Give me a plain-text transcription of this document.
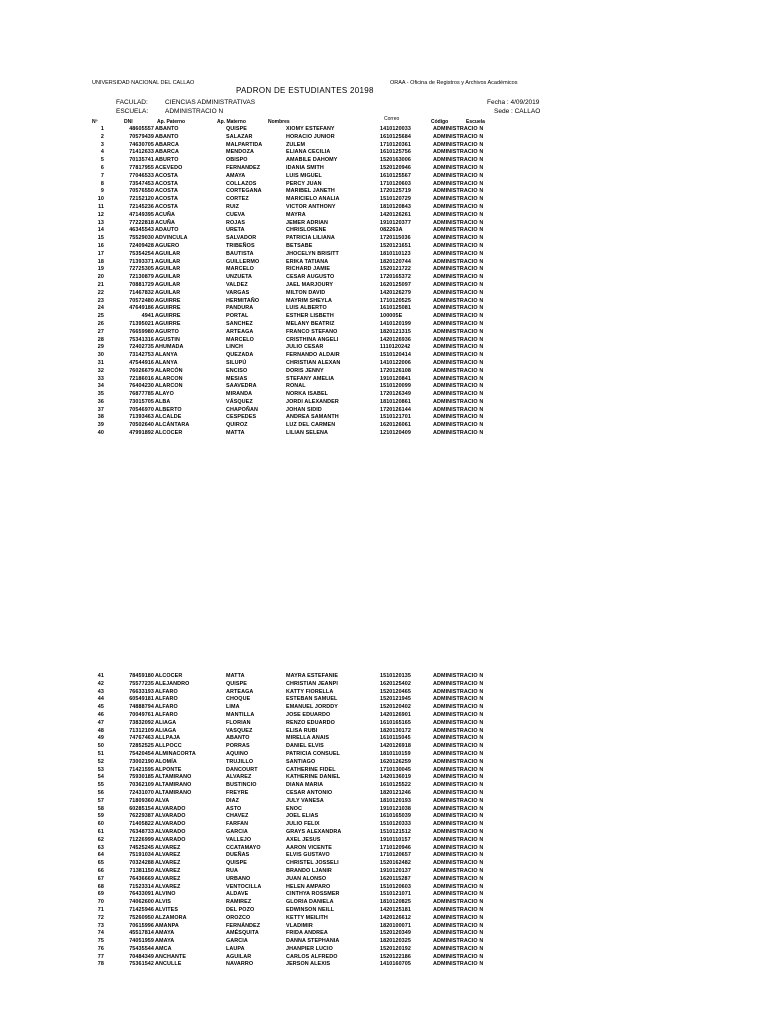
UNIVERSIDAD NACIONAL DEL CALLAO	ORAA - Oficina de Registros y Archivos Académicos
PADRON DE ESTUDIANTES 20198
FACULAD:	CIENCIAS ADMINISTRATIVAS
ESCUELA:	ADMINISTRACIO N
Fecha : 4/09/2019
Sede : CALLAO
Nº	DNI	Ap. Paterno	Ap. Materno	Nombres	Correo	Código	Escuela
1	48605557 ABANTO	QUISPE	XIOMY ESTEFANY	1410120033	ADMINISTRACIO N
2	70579439 ABANTO	SALAZAR	HORACIO JUNIOR	1610125684	ADMINISTRACIO N
3	74630705 ABARCA	MALPARTIDA	ZULEM	1710120361	ADMINISTRACIO N
4	71412633 ABARCA	MENDOZA	ELIANA CECILIA	1610125756	ADMINISTRACIO N
5	70135741 ABURTO	OBISPO	AMABILE DAHOMY	1520163006	ADMINISTRACIO N
6	77817955 ACEVEDO	FERNANDEZ	IDANIA SMITH	1520120946	ADMINISTRACIO N
7	77046533 ACOSTA	AMAYA	LUIS MIGUEL	1610125567	ADMINISTRACIO N
8	73547453 ACOSTA	COLLAZOS	PERCY JUAN	1710120603	ADMINISTRACIO N
9	70576550 ACOSTA	CORTEGANA	MARIBEL JANETH	1720125719	ADMINISTRACIO N
10	72152120 ACOSTA	CORTEZ	MARICIELO ANALIA	1510120729	ADMINISTRACIO N
11	72145236 ACOSTA	RUIZ	VICTOR ANTHONY	1810120843	ADMINISTRACIO N
12	47149395 ACUÑA	CUEVA	MAYRA	1420126261	ADMINISTRACIO N
13	77222818 ACUÑA	ROJAS	JEMER ADRIAN	1910120377	ADMINISTRACIO N
14	46345543 ADAUTO	URETA	CHRISLORENE	082263A	ADMINISTRACIO N
15	75529030 ADVINCULA	SALVADOR	PATRICIA LILIANA	1720115036	ADMINISTRACIO N
16	72409428 AGUERO	TRIBEÑOS	BETSABE	1520121651	ADMINISTRACIO N
17	75354254 AGUILAR	BAUTISTA	JHOCELYN BRISITT	1810110123	ADMINISTRACIO N
18	71393371 AGUILAR	GUILLERMO	ERIKA TATIANA	1820120744	ADMINISTRACIO N
19	72725305 AGUILAR	MARCELO	RICHARD JAMIE	1520121722	ADMINISTRACIO N
20	72130879 AGUILAR	UNZUETA	CESAR AUGUSTO	1720165372	ADMINISTRACIO N
21	70881729 AGUILAR	VALDEZ	JAEL MARJOURY	1620125097	ADMINISTRACIO N
22	71467832 AGUILAR	VARGAS	MILTON DAVID	1420126279	ADMINISTRACIO N
23	70572480 AGUIRRE	HERMITAÑO	MAYRIM SHEYLA	1710120525	ADMINISTRACIO N
24	47649186 AGUIRRE	PANDURA	LUIS ALBERTO	1610125081	ADMINISTRACIO N
25	4941 AGUIRRE	PORTAL	ESTHER LISBETH	100005E	ADMINISTRACIO N
26	71395021 AGUIRRE	SANCHEZ	MELANY BEATRIZ	1410120199	ADMINISTRACIO N
27	76659980 AGURTO	ARTEAGA	FRANCO STEFANO	1820121315	ADMINISTRACIO N
28	75341316 AGUSTIN	MARCELO	CRISTHINA ANGELI	1420126936	ADMINISTRACIO N
29	72402735 AHUMADA	LINCH	JULIO CESAR	1110120242	ADMINISTRACIO N
30	73142753 ALANYA	QUEZADA	FERNANDO ALDAIR	1510120414	ADMINISTRACIO N
31	47544916 ALANYA	SILUPÚ	CHRISTIAN ALEXAN	1410122006	ADMINISTRACIO N
32	76026679 ALARCÓN	ENCISO	DORIS JENNY	1720126108	ADMINISTRACIO N
33	72186016 ALARCON	MESIAS	STEFANY AMELIA	1910120841	ADMINISTRACIO N
34	76404230 ALARCON	SAAVEDRA	RONAL	1510120099	ADMINISTRACIO N
35	76877785 ALAYO	MIRANDA	NORKA ISABEL	1720126349	ADMINISTRACIO N
36	73015705 ALBA	VÁSQUEZ	JORDI ALEXANDER	1810120861	ADMINISTRACIO N
37	70546970 ALBERTO	CHAPOÑAN	JOHAN SIDID	1720126144	ADMINISTRACIO N
38	71393463 ALCALDE	CESPEDES	ANDREA SAMANTH	1510121701	ADMINISTRACIO N
39	70502640 ALCÁNTARA	QUIROZ	LUZ DEL CARMEN	1620126061	ADMINISTRACIO N
40	47991892 ALCOCER	MATTA	LILIAN SELENA	1210120409	ADMINISTRACIO N
41	78459180 ALCOCER	MATTA	MAYRA ESTEFANIE	1510120135	ADMINISTRACIO N
42	75577235 ALEJANDRO	QUISPE	CHRISTIAN JEANPI	1620125402	ADMINISTRACIO N
43	76633193 ALFARO	ARTEAGA	KATTY FIORELLA	1520120465	ADMINISTRACIO N
44	60549181 ALFARO	CHOQUE	ESTEBAN SAMUEL	1520121945	ADMINISTRACIO N
45	74888794 ALFARO	LIMA	EMANUEL JORDDY	1520120402	ADMINISTRACIO N
46	70049761 ALFARO	MANTILLA	JOSE EDUARDO	1420126901	ADMINISTRACIO N
47	73832092 ALIAGA	FLORIAN	RENZO EDUARDO	1610165165	ADMINISTRACIO N
48	71312109 ALIAGA	VASQUEZ	ELISA RUBI	1820130172	ADMINISTRACIO N
49	74767463 ALLPAJA	ABANTO	MIRELLA ANAIS	1610115045	ADMINISTRACIO N
50	72852525 ALLPOCC	PORRAS	DANIEL ELVIS	1420126918	ADMINISTRACIO N
51	75420454 ALMINACORTA	AQUINO	PATRICIA CONSUEL	1810110159	ADMINISTRACIO N
52	73002190 ALOMÍA	TRUJILLO	SANTIAGO	1620126259	ADMINISTRACIO N
53	71421595 ALPONTE	DANCOURT	CATHERINE FIDEL	1710130045	ADMINISTRACIO N
54	75930185 ALTAMIRANO	ALVAREZ	KATHERINE DANIEL	1420136019	ADMINISTRACIO N
55	70362109 ALTAMIRANO	BUSTINCIO	DIANA MARIA	1610125522	ADMINISTRACIO N
56	72431070 ALTAMIRANO	FREYRE	CESAR ANTONIO	1820121246	ADMINISTRACIO N
57	71809360 ALVA	DIAZ	JULY VANESA	1810120193	ADMINISTRACIO N
58	60285154 ALVARADO	ASTO	ENOC	1910121038	ADMINISTRACIO N
59	76229387 ALVARADO	CHAVEZ	JOEL ELIAS	1610165039	ADMINISTRACIO N
60	71405822 ALVARADO	FARFAN	JULIO FELIX	1510120333	ADMINISTRACIO N
61	76348733 ALVARADO	GARCIA	GRAYS ALEXANDRA	1510121512	ADMINISTRACIO N
62	71226999 ALVARADO	VALLEJO	AXEL JESUS	1910110157	ADMINISTRACIO N
63	74525245 ALVAREZ	CCATAMAYO	AARON VICENTE	1710120946	ADMINISTRACIO N
64	75191034 ALVAREZ	DUEÑAS	ELVIS GUSTAVO	1710120657	ADMINISTRACIO N
65	70324288 ALVAREZ	QUISPE	CHRISTEL JOSSELI	1520162482	ADMINISTRACIO N
66	71381150 ALVAREZ	RUA	BRANDO LJANIR	1910120137	ADMINISTRACIO N
67	76436669 ALVAREZ	URBANO	JUAN ALONSO	1620115287	ADMINISTRACIO N
68	71523314 ALVAREZ	VENTOCILLA	HELEN AMPARO	1510120603	ADMINISTRACIO N
69	76433091 ALVINO	ALDAVE	CINTHYA ROSSMER	1510121071	ADMINISTRACIO N
70	74062600 ALVIS	RAMIREZ	GLORIA DANIELA	1810120825	ADMINISTRACIO N
71	71425946 ALVITES	DEL POZO	EDWINSON NEILL	1420125181	ADMINISTRACIO N
72	75260950 ALZAMORA	OROZCO	KETTY MEILITH	1420126612	ADMINISTRACIO N
73	70615996 AMANPA	FERNÁNDEZ	VLADIMIR	1820100071	ADMINISTRACIO N
74	45517814 AMAYA	AMÉSQUITA	FRIDA ANDREA	1520120349	ADMINISTRACIO N
75	74051959 AMAYA	GARCIA	DANNA STEPHANIA	1820120325	ADMINISTRACIO N
76	75435544 AMCA	LAUPA	JHANPIER LUCIO	1520120192	ADMINISTRACIO N
77	70484349 ANCHANTE	AGUILAR	CARLOS ALFREDO	1520122186	ADMINISTRACIO N
78	75361542 ANCULLE	NAVARRO	JERSON ALEXIS	1410160705	ADMINISTRACIO N
